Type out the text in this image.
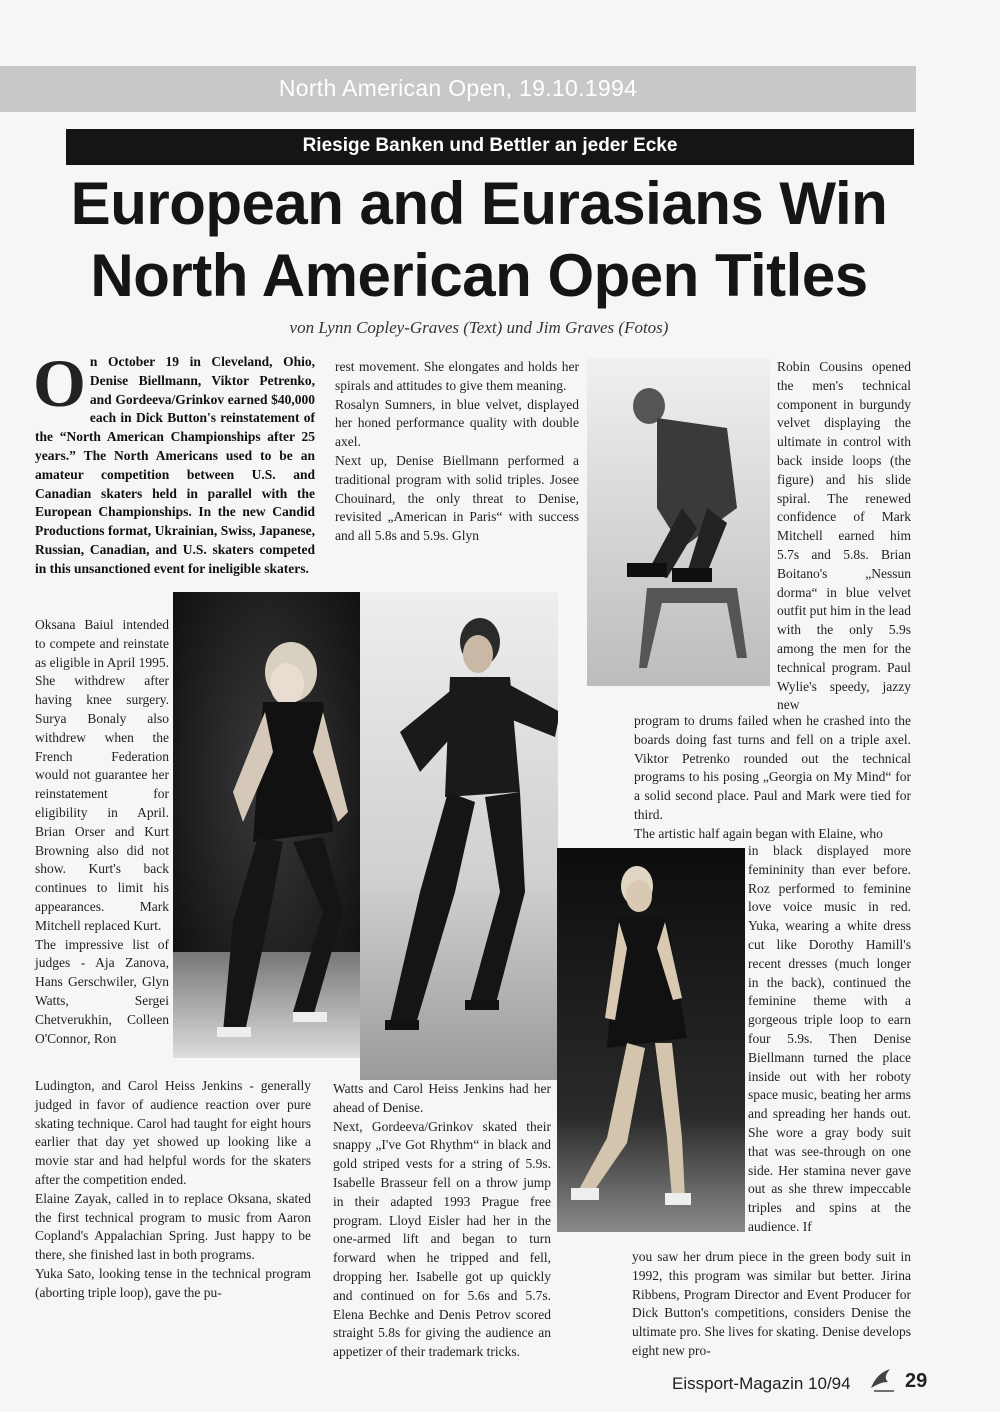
North American Open, 19.10.1994
Riesige Banken und Bettler an jeder Ecke
European and Eurasians Win
North American Open Titles
von Lynn Copley-Graves (Text) und Jim Graves (Fotos)
O n October 19 in Cleveland, Ohio, Denise Biellmann, Viktor Petrenko, and Gordeeva/Grinkov earned $40,000 each in Dick Button's reinstatement of the “North American Championships after 25 years.” The North Americans used to be an amateur competition between U.S. and Canadian skaters held in parallel with the European Championships. In the new Candid Productions format, Ukrainian, Swiss, Japanese, Russian, Canadian, and U.S. skaters competed in this unsanctioned event for ineligible skaters.

Oksana Baiul intended to compete and reinstate as eligible in April 1995. She withdrew after having knee surgery. Surya Bonaly also withdrew when the French Federation would not guarantee her reinstatement for eligibility in April. Brian Orser and Kurt Browning also did not show. Kurt's back continues to limit his appearances. Mark Mitchell replaced Kurt.

The impressive list of judges - Aja Zanova, Hans Gerschwiler, Glyn Watts, Sergei Chetverukhin, Colleen O'Connor, Ron

Ludington, and Carol Heiss Jenkins - generally judged in favor of audience reaction over pure skating technique. Carol had taught for eight hours earlier that day yet showed up looking like a movie star and had helpful words for the skaters after the competition ended.

Elaine Zayak, called in to replace Oksana, skated the first technical program to music from Aaron Copland's Appalachian Spring. Just happy to be there, she finished last in both programs.

Yuka Sato, looking tense in the technical program (aborting triple loop), gave the pu-

rest movement. She elongates and holds her spirals and attitudes to give them meaning.

Rosalyn Sumners, in blue velvet, displayed her honed performance quality with double axel.

Next up, Denise Biellmann performed a traditional program with solid triples. Josee Chouinard, the only threat to Denise, revisited „American in Paris“ with success and all 5.8s and 5.9s. Glyn

Watts and Carol Heiss Jenkins had her ahead of Denise.

Next, Gordeeva/Grinkov skated their snappy „I've Got Rhythm“ in black and gold striped vests for a string of 5.9s. Isabelle Brasseur fell on a throw jump in their adapted 1993 Prague free program. Lloyd Eisler had her in the one-armed lift and began to turn forward when he tripped and fell, dropping her. Isabelle got up quickly and continued on for 5.6s and 5.7s. Elena Bechke and Denis Petrov scored straight 5.8s for giving the audience an appetizer of their trademark tricks.

Robin Cousins opened the men's technical component in burgundy velvet displaying the ultimate in control with back inside loops (the figure) and his slide spiral. The renewed confidence of Mark Mitchell earned him 5.7s and 5.8s. Brian Boitano's „Nessun dorma“ in blue velvet outfit put him in the lead with the only 5.9s among the men for the technical program. Paul Wylie's speedy, jazzy new

program to drums failed when he crashed into the boards doing fast turns and fell on a triple axel. Viktor Petrenko rounded out the technical programs to his posing „Georgia on My Mind“ for a solid second place. Paul and Mark were tied for third.

The artistic half again began with Elaine, who

in black displayed more femininity than ever before. Roz performed to feminine love voice music in red. Yuka, wearing a white dress cut like Dorothy Hamill's recent dresses (much longer in the back), continued the feminine theme with a gorgeous triple loop to earn four 5.9s. Then Denise Biellmann turned the place inside out with her roboty space music, beating her arms and spreading her hands out. She wore a gray body suit that was see-through on one side. Her stamina never gave out as she threw impeccable triples and spins at the audience. If

you saw her drum piece in the green body suit in 1992, this program was similar but better. Jirina Ribbens, Program Director and Event Producer for Dick Button's competitions, considers Denise the ultimate pro. She lives for skating. Denise develops eight new pro-

Eissport-Magazin 10/94	29
